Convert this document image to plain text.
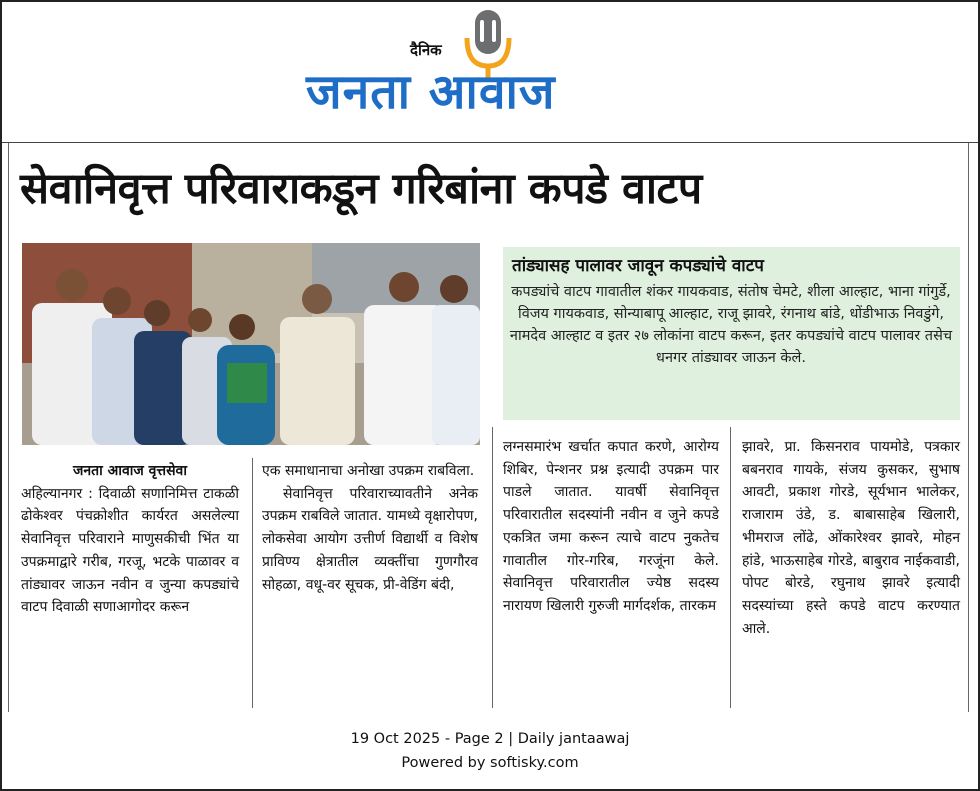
दैनिक
जनता आवाज
सेवानिवृत्त परिवाराकडून गरिबांना कपडे वाटप
तांड्यासह पालावर जावून कपड्यांचे वाटप
कपड्यांचे वाटप गावातील शंकर गायकवाड, संतोष चेमटे, शीला आल्हाट, भाना गांगुर्डे, विजय गायकवाड, सोन्याबापू आल्हाट, राजू झावरे, रंगनाथ बांडे, धोंडीभाऊ निवडुंगे, नामदेव आल्हाट व इतर २७ लोकांना वाटप करून, इतर कपड्यांचे वाटप पालावर तसेच धनगर तांड्यावर जाऊन केले.
जनता आवाज वृत्तसेवा
अहिल्यानगर : दिवाळी सणानिमित्त टाकळी ढोकेश्वर पंचक्रोशीत कार्यरत असलेल्या सेवानिवृत्त परिवाराने माणुसकीची भिंत या उपक्रमाद्वारे गरीब, गरजू, भटके पाळावर व तांड्यावर जाऊन नवीन व जुन्या कपड्यांचे वाटप दिवाळी सणाआगोदर करून
एक समाधानाचा अनोखा उपक्रम राबविला.
सेवानिवृत्त परिवाराच्यावतीने अनेक उपक्रम राबविले जातात. यामध्ये वृक्षारोपण, लोकसेवा आयोग उत्तीर्ण विद्यार्थी व विशेष प्राविण्य क्षेत्रातील व्यक्तींचा गुणगौरव सोहळा, वधू-वर सूचक, प्री-वेडिंग बंदी,
लग्नसमारंभ खर्चात कपात करणे, आरोग्य शिबिर, पेन्शनर प्रश्न इत्यादी उपक्रम पार पाडले जातात. यावर्षी सेवानिवृत्त परिवारातील सदस्यांनी नवीन व जुने कपडे एकत्रित जमा करून त्याचे वाटप नुकतेच गावातील गोर-गरिब, गरजूंना केले. सेवानिवृत्त परिवारातील ज्येष्ठ सदस्य नारायण खिलारी गुरुजी मार्गदर्शक, तारकम
झावरे, प्रा. किसनराव पायमोडे, पत्रकार बबनराव गायके, संजय कुसकर, सुभाष आवटी, प्रकाश गोरडे, सूर्यभान भालेकर, राजाराम उंडे, ड. बाबासाहेब खिलारी, भीमराज लोंढे, ओंकारेश्वर झावरे, मोहन हांडे, भाऊसाहेब गोरडे, बाबुराव नाईकवाडी, पोपट बोरडे, रघुनाथ झावरे इत्यादी सदस्यांच्या हस्ते कपडे वाटप करण्यात आले.
19 Oct 2025 - Page 2 | Daily jantaawaj
Powered by softisky.com
